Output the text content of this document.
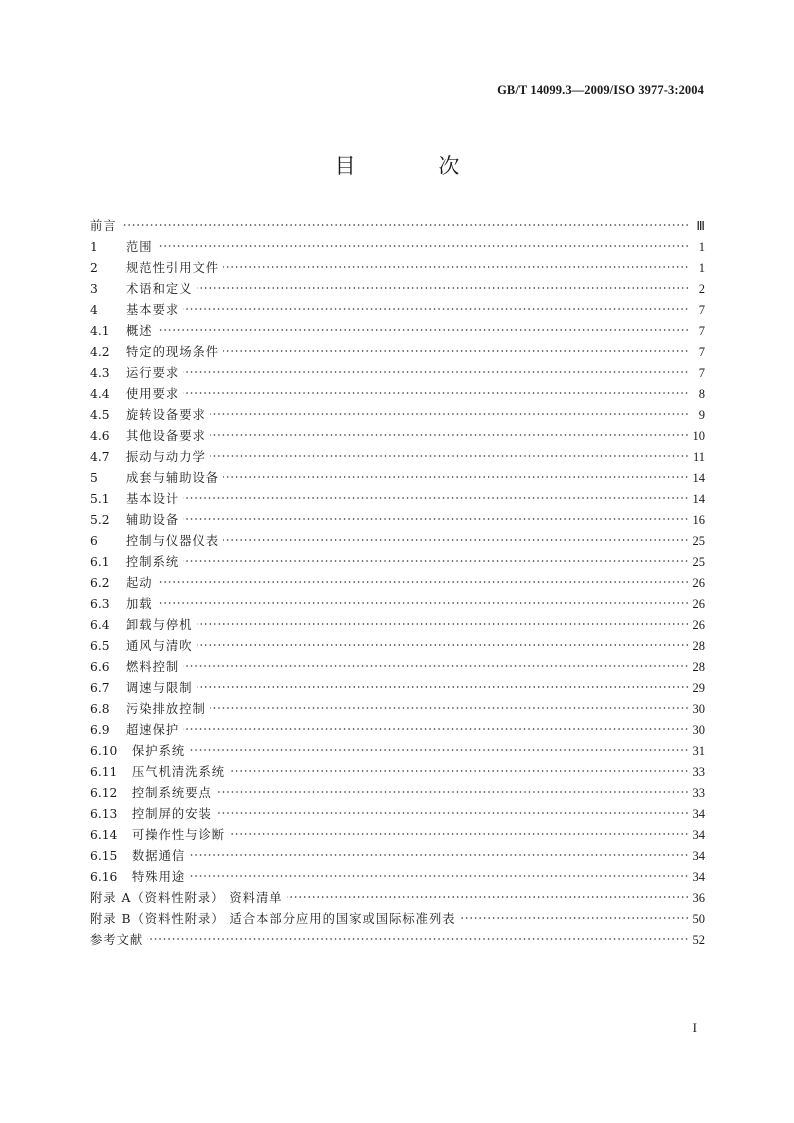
GB/T 14099.3—2009/ISO 3977-3:2004
目 次
前言	Ⅲ
1	范围	1
2	规范性引用文件	1
3	术语和定义	2
4	基本要求	7
4.1	概述	7
4.2	特定的现场条件	7
4.3	运行要求	7
4.4	使用要求	8
4.5	旋转设备要求	9
4.6	其他设备要求	10
4.7	振动与动力学	11
5	成套与辅助设备	14
5.1	基本设计	14
5.2	辅助设备	16
6	控制与仪器仪表	25
6.1	控制系统	25
6.2	起动	26
6.3	加载	26
6.4	卸载与停机	26
6.5	通风与清吹	28
6.6	燃料控制	28
6.7	调速与限制	29
6.8	污染排放控制	30
6.9	超速保护	30
6.10	保护系统	31
6.11	压气机清洗系统	33
6.12	控制系统要点	33
6.13	控制屏的安装	34
6.14	可操作性与诊断	34
6.15	数据通信	34
6.16	特殊用途	34
附录 A（资料性附录） 资料清单	36
附录 B（资料性附录） 适合本部分应用的国家或国际标准列表	50
参考文献	52
I
